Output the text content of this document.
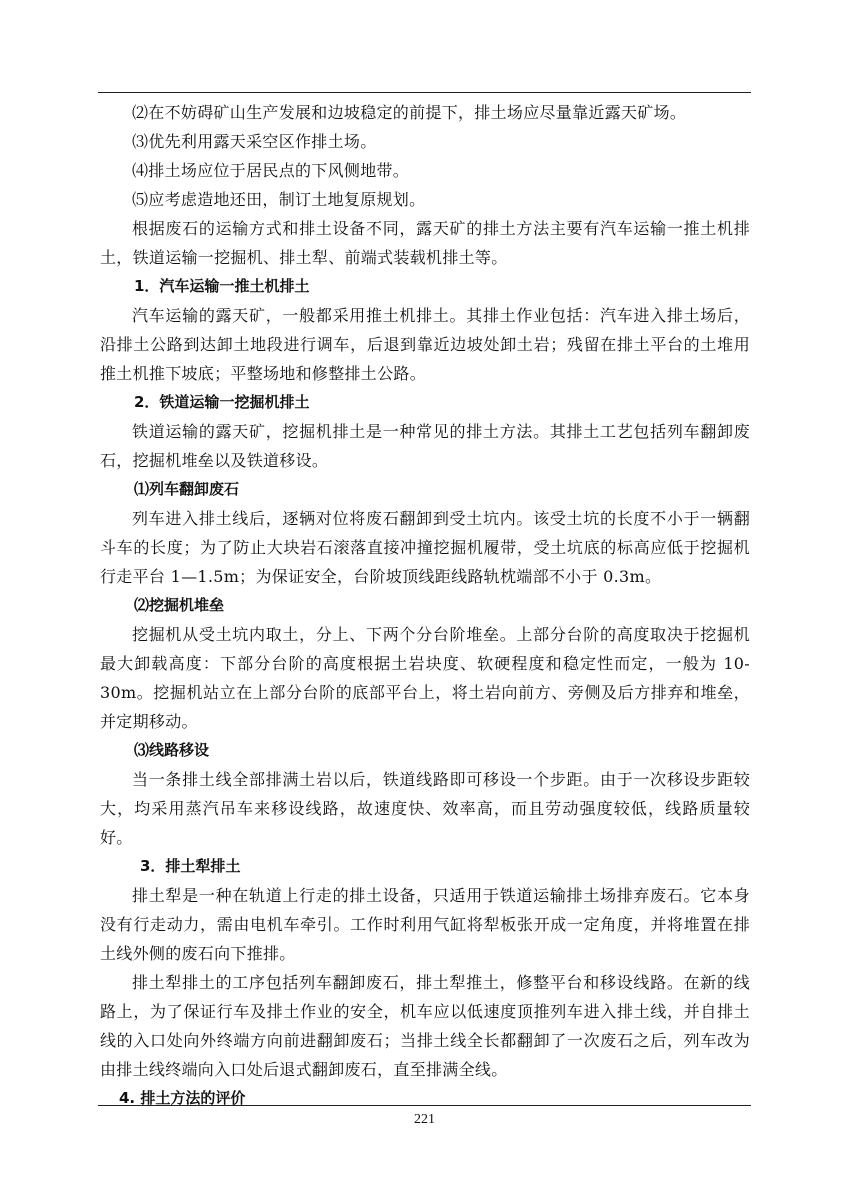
⑵在不妨碍矿山生产发展和边坡稳定的前提下，排土场应尽量靠近露天矿场。

⑶优先利用露天采空区作排土场。

⑷排土场应位于居民点的下风侧地带。

⑸应考虑造地还田，制订土地复原规划。

根据废石的运输方式和排土设备不同，露天矿的排土方法主要有汽车运输一推土机排土，铁道运输一挖掘机、排土犁、前端式装载机排土等。

1．汽车运输一推土机排土

汽车运输的露天矿，一般都采用推土机排土。其排土作业包括：汽车进入排土场后，沿排土公路到达卸土地段进行调车，后退到靠近边坡处卸土岩；残留在排土平台的土堆用推土机推下坡底；平整场地和修整排土公路。

2．铁道运输一挖掘机排土

铁道运输的露天矿，挖掘机排土是一种常见的排土方法。其排土工艺包括列车翻卸废石，挖掘机堆垒以及铁道移设。

⑴列车翻卸废石

列车进入排土线后，逐辆对位将废石翻卸到受土坑内。该受土坑的长度不小于一辆翻斗车的长度；为了防止大块岩石滚落直接冲撞挖掘机履带，受土坑底的标高应低于挖掘机行走平台 1—1.5m；为保证安全，台阶坡顶线距线路轨枕端部不小于 0.3m。

⑵挖掘机堆垒

挖掘机从受土坑内取土，分上、下两个分台阶堆垒。上部分台阶的高度取决于挖掘机最大卸载高度：下部分台阶的高度根据土岩块度、软硬程度和稳定性而定，一般为 10-30m。挖掘机站立在上部分台阶的底部平台上，将土岩向前方、旁侧及后方排弃和堆垒，并定期移动。

⑶线路移设

当一条排土线全部排满土岩以后，铁道线路即可移设一个步距。由于一次移设步距较大，均采用蒸汽吊车来移设线路，故速度快、效率高，而且劳动强度较低，线路质量较好。

3．排土犁排土

排土犁是一种在轨道上行走的排土设备，只适用于铁道运输排土场排弃废石。它本身没有行走动力，需由电机车牵引。工作时利用气缸将犁板张开成一定角度，并将堆置在排土线外侧的废石向下推排。

排土犁排土的工序包括列车翻卸废石，排土犁推土，修整平台和移设线路。在新的线路上，为了保证行车及排土作业的安全，机车应以低速度顶推列车进入排土线，并自排土线的入口处向外终端方向前进翻卸废石；当排土线全长都翻卸了一次废石之后，列车改为由排土线终端向入口处后退式翻卸废石，直至排满全线。

4. 排土方法的评价
221
